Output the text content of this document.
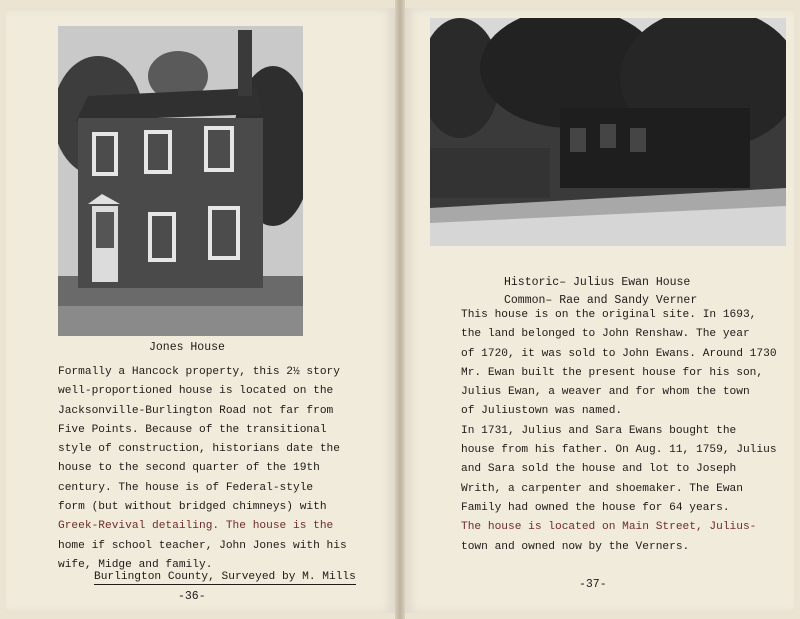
Jones House
Formally a Hancock property, this 2½ story
well-proportioned house is located on the
Jacksonville-Burlington Road not far from
Five Points. Because of the transitional
style of construction, historians date the
house to the second quarter of the 19th
century. The house is of Federal-style
form (but without bridged chimneys) with
Greek-Revival detailing. The house is the
home if school teacher, John Jones with his
wife, Midge and family.
Burlington County, Surveyed by M. Mills
-36-
Historic– Julius Ewan House
Common– Rae and Sandy Verner
This house is on the original site. In 1693,
the land belonged to John Renshaw. The year
of 1720, it was sold to John Ewans. Around 1730
Mr. Ewan built the present house for his son,
Julius Ewan, a weaver and for whom the town
of Juliustown was named.
In 1731, Julius and Sara Ewans bought the
house from his father. On Aug. 11, 1759, Julius
and Sara sold the house and lot to Joseph
Writh, a carpenter and shoemaker. The Ewan
Family had owned the house for 64 years.
The house is located on Main Street, Julius-
town and owned now by the Verners.
-37-
